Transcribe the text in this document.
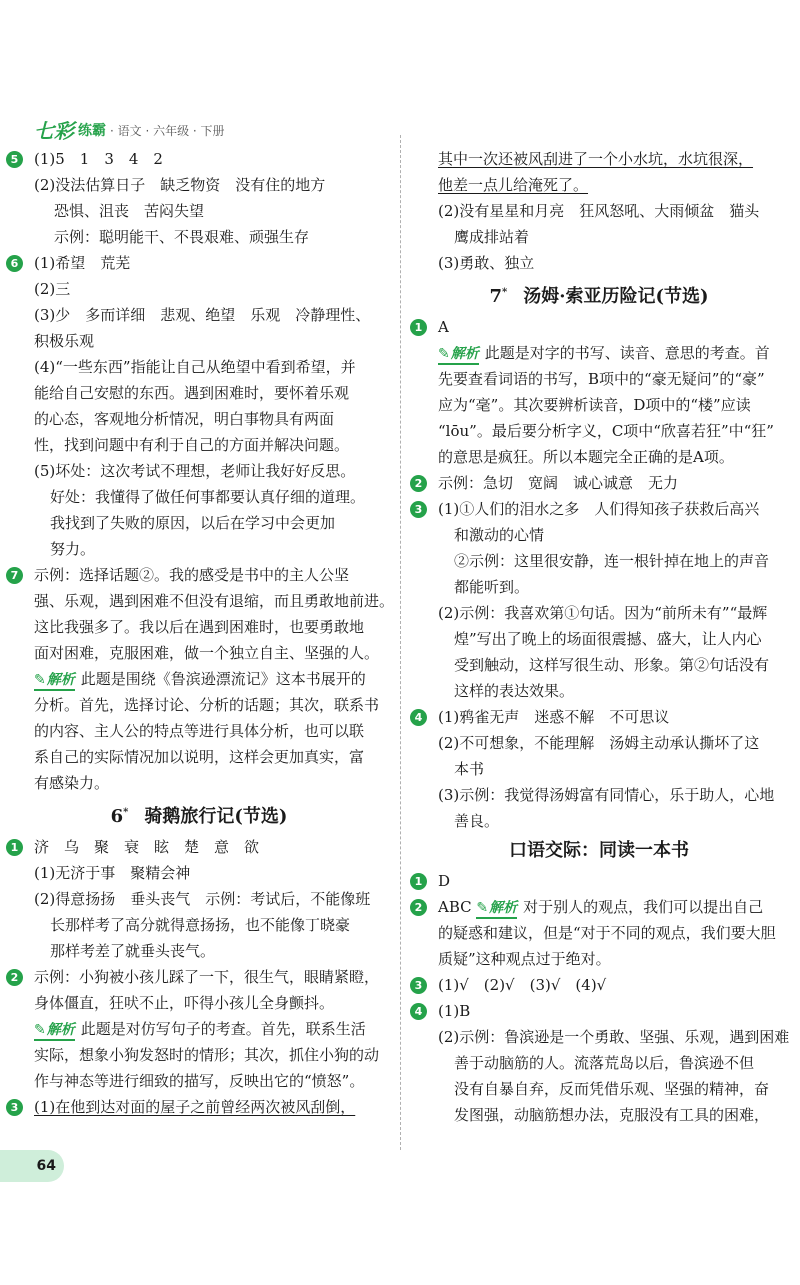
七彩 练霸 · 语文 · 六年级 · 下册
5	(1)5　1　3　4　2
(2)没法估算日子　缺乏物资　没有住的地方
恐惧、沮丧　苦闷失望
示例：聪明能干、不畏艰难、顽强生存
6	(1)希望　荒芜
(2)三
(3)少　多而详细　悲观、绝望　乐观　冷静理性、
积极乐观
(4)“一些东西”指能让自己从绝望中看到希望，并
能给自己安慰的东西。遇到困难时，要怀着乐观
的心态，客观地分析情况，明白事物具有两面
性，找到问题中有利于自己的方面并解决问题。
(5)坏处：这次考试不理想，老师让我好好反思。
好处：我懂得了做任何事都要认真仔细的道理。
我找到了失败的原因，以后在学习中会更加
努力。
7	示例：选择话题②。我的感受是书中的主人公坚
强、乐观，遇到困难不但没有退缩，而且勇敢地前进。
这比我强多了。我以后在遇到困难时，也要勇敢地
面对困难，克服困难，做一个独立自主、坚强的人。
✎ 解析 此题是围绕《鲁滨逊漂流记》这本书展开的
分析。首先，选择讨论、分析的话题；其次，联系书
的内容、主人公的特点等进行具体分析，也可以联
系自己的实际情况加以说明，这样会更加真实，富
有感染力。
6* 骑鹅旅行记(节选)
1	济　乌　聚　衰　眩　楚　意　欲
(1)无济于事　聚精会神
(2)得意扬扬　垂头丧气　示例：考试后，不能像班
长那样考了高分就得意扬扬，也不能像丁晓豪
那样考差了就垂头丧气。
2	示例：小狗被小孩儿踩了一下，很生气，眼睛紧瞪，
身体僵直，狂吠不止，吓得小孩儿全身颤抖。
✎ 解析 此题是对仿写句子的考查。首先，联系生活
实际，想象小狗发怒时的情形；其次，抓住小狗的动
作与神态等进行细致的描写，反映出它的“愤怒”。
3	(1)在他到达对面的屋子之前曾经两次被风刮倒，
其中一次还被风刮进了一个小水坑，水坑很深，
他差一点儿给淹死了。
(2)没有星星和月亮　狂风怒吼、大雨倾盆　猫头
鹰成排站着
(3)勇敢、独立
7* 汤姆·索亚历险记(节选)
1	A
✎ 解析 此题是对字的书写、读音、意思的考查。首
先要查看词语的书写，B项中的“豪无疑问”的“豪”
应为“毫”。其次要辨析读音，D项中的“楼”应读
“lōu”。最后要分析字义，C项中“欣喜若狂”中“狂”
的意思是疯狂。所以本题完全正确的是A项。
2	示例：急切　宽阔　诚心诚意　无力
3	(1)①人们的泪水之多　人们得知孩子获救后高兴
和激动的心情
②示例：这里很安静，连一根针掉在地上的声音
都能听到。
(2)示例：我喜欢第①句话。因为“前所未有”“最辉
煌”写出了晚上的场面很震撼、盛大，让人内心
受到触动，这样写很生动、形象。第②句话没有
这样的表达效果。
4	(1)鸦雀无声　迷惑不解　不可思议
(2)不可想象，不能理解　汤姆主动承认撕坏了这
本书
(3)示例：我觉得汤姆富有同情心，乐于助人，心地
善良。
口语交际：同读一本书
1	D
2	ABC ✎ 解析 对于别人的观点，我们可以提出自己
的疑惑和建议，但是“对于不同的观点，我们要大胆
质疑”这种观点过于绝对。
3	(1)√　(2)√　(3)√　(4)√
4	(1)B
(2)示例：鲁滨逊是一个勇敢、坚强、乐观，遇到困难
善于动脑筋的人。流落荒岛以后，鲁滨逊不但
没有自暴自弃，反而凭借乐观、坚强的精神，奋
发图强，动脑筋想办法，克服没有工具的困难，
64
